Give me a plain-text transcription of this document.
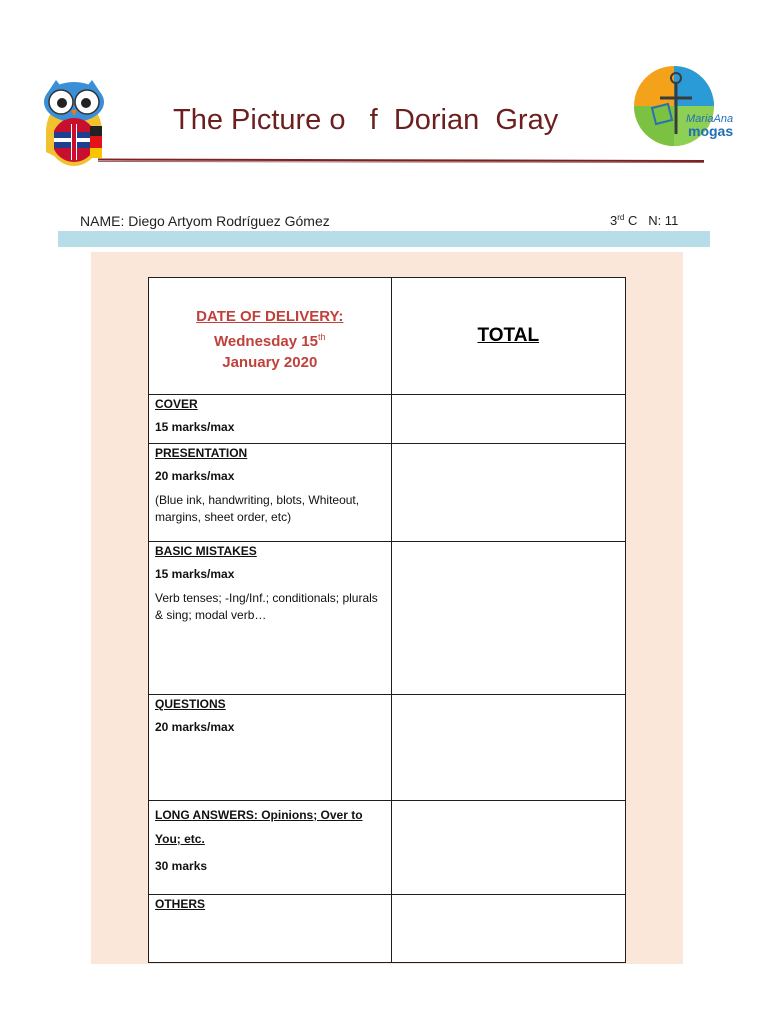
MariaAna
mogas
The Picture o   f  Dorian  Gray
NAME: Diego Artyom Rodríguez Gómez	3rd C   N: 11
DATE OF DELIVERY:
Wednesday 15th
January 2020	TOTAL

COVER
15 marks/max	

PRESENTATION
20 marks/max
(Blue ink, handwriting, blots, Whiteout, margins, sheet order, etc)	

BASIC MISTAKES
15 marks/max
Verb tenses; -Ing/Inf.; conditionals; plurals & sing; modal verb…	

QUESTIONS
20 marks/max	

LONG ANSWERS: Opinions; Over to You; etc.
30 marks	

OTHERS	
